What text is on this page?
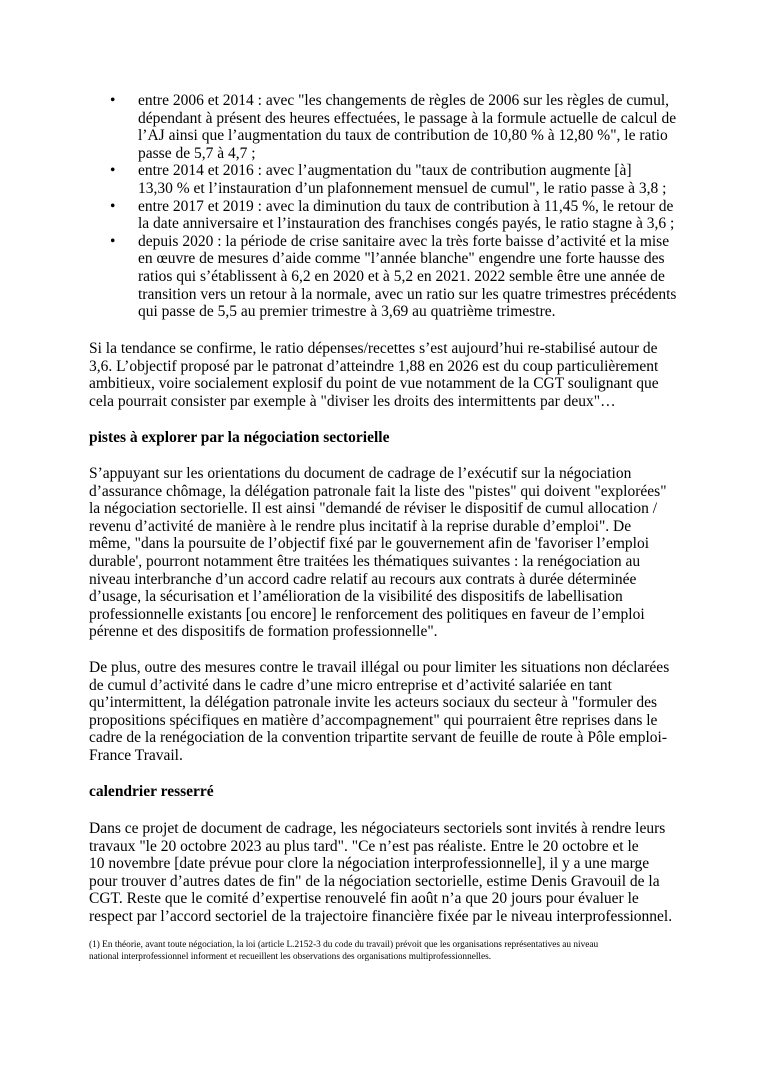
• entre 2006 et 2014 : avec "les changements de règles de 2006 sur les règles de cumul,
dépendant à présent des heures effectuées, le passage à la formule actuelle de calcul de
l’AJ ainsi que l’augmentation du taux de contribution de 10,80 % à 12,80 %", le ratio
passe de 5,7 à 4,7 ;
• entre 2014 et 2016 : avec l’augmentation du "taux de contribution augmente [à]
13,30 % et l’instauration d’un plafonnement mensuel de cumul", le ratio passe à 3,8 ;
• entre 2017 et 2019 : avec la diminution du taux de contribution à 11,45 %, le retour de
la date anniversaire et l’instauration des franchises congés payés, le ratio stagne à 3,6 ;
• depuis 2020 : la période de crise sanitaire avec la très forte baisse d’activité et la mise
en œuvre de mesures d’aide comme "l’année blanche" engendre une forte hausse des
ratios qui s’établissent à 6,2 en 2020 et à 5,2 en 2021. 2022 semble être une année de
transition vers un retour à la normale, avec un ratio sur les quatre trimestres précédents
qui passe de 5,5 au premier trimestre à 3,69 au quatrième trimestre.
Si la tendance se confirme, le ratio dépenses/recettes s’est aujourd’hui re-stabilisé autour de
3,6. L’objectif proposé par le patronat d’atteindre 1,88 en 2026 est du coup particulièrement
ambitieux, voire socialement explosif du point de vue notamment de la CGT soulignant que
cela pourrait consister par exemple à "diviser les droits des intermittents par deux"…
pistes à explorer par la négociation sectorielle
S’appuyant sur les orientations du document de cadrage de l’exécutif sur la négociation
d’assurance chômage, la délégation patronale fait la liste des "pistes" qui doivent "explorées"
la négociation sectorielle. Il est ainsi "demandé de réviser le dispositif de cumul allocation /
revenu d’activité de manière à le rendre plus incitatif à la reprise durable d’emploi". De
même, "dans la poursuite de l’objectif fixé par le gouvernement afin de 'favoriser l’emploi
durable', pourront notamment être traitées les thématiques suivantes : la renégociation au
niveau interbranche d’un accord cadre relatif au recours aux contrats à durée déterminée
d’usage, la sécurisation et l’amélioration de la visibilité des dispositifs de labellisation
professionnelle existants [ou encore] le renforcement des politiques en faveur de l’emploi
pérenne et des dispositifs de formation professionnelle".
De plus, outre des mesures contre le travail illégal ou pour limiter les situations non déclarées
de cumul d’activité dans le cadre d’une micro entreprise et d’activité salariée en tant
qu’intermittent, la délégation patronale invite les acteurs sociaux du secteur à "formuler des
propositions spécifiques en matière d’accompagnement" qui pourraient être reprises dans le
cadre de la renégociation de la convention tripartite servant de feuille de route à Pôle emploi-
France Travail.
calendrier resserré
Dans ce projet de document de cadrage, les négociateurs sectoriels sont invités à rendre leurs
travaux "le 20 octobre 2023 au plus tard". "Ce n’est pas réaliste. Entre le 20 octobre et le
10 novembre [date prévue pour clore la négociation interprofessionnelle], il y a une marge
pour trouver d’autres dates de fin" de la négociation sectorielle, estime Denis Gravouil de la
CGT. Reste que le comité d’expertise renouvelé fin août n’a que 20 jours pour évaluer le
respect par l’accord sectoriel de la trajectoire financière fixée par le niveau interprofessionnel.
(1) En théorie, avant toute négociation, la loi (article L.2152-3 du code du travail) prévoit que les organisations représentatives au niveau
national interprofessionnel informent et recueillent les observations des organisations multiprofessionnelles.
